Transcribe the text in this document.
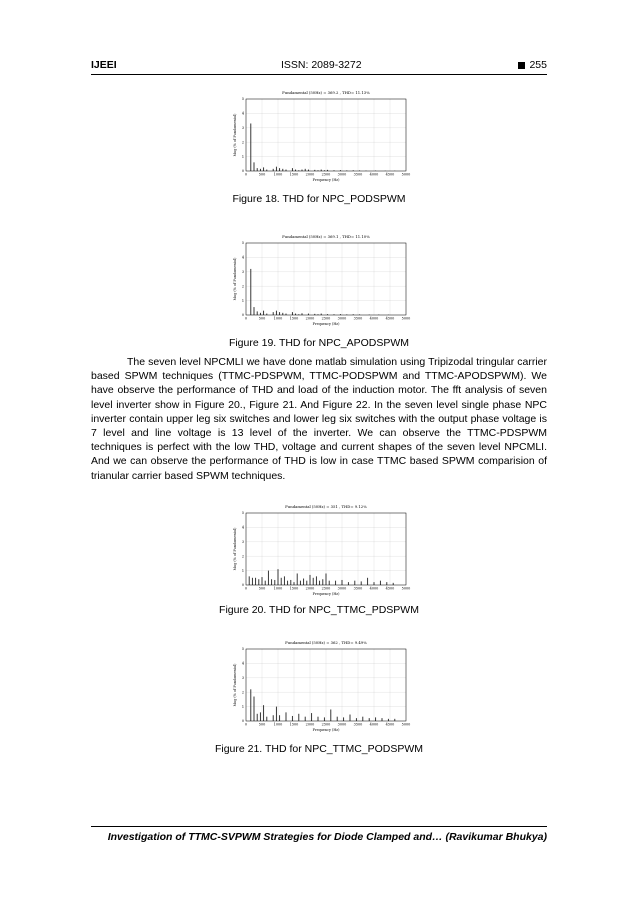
IJEEI	ISSN: 2089-3272	255
Fundamental (50Hz) = 369.2 , THD= 11.13%
0	500 1000 1500 2000 2500 3000 3500 4000 4500 5000
0
1
2
3
4
5
Frequency (Hz)
Mag (% of Fundamental)
Figure 18. THD for NPC_PODSPWM
Fundamental (50Hz) = 369.1 , THD= 11.10%
0	500 1000 1500 2000 2500 3000 3500 4000 4500 5000
0
1
2
3
4
5
Frequency (Hz)
Mag (% of Fundamental)
Figure 19. THD for NPC_APODSPWM
The seven level NPCMLI we have done matlab simulation using Tripizodal tringular carrier based SPWM techniques (TTMC-PDSPWM, TTMC-PODSPWM and TTMC-APODSPWM). We have observe the performance of THD and load of the induction motor. The fft analysis of seven level inverter show in Figure 20., Figure 21. And Figure 22. In the seven level single phase NPC inverter contain upper leg six switches and lower leg six switches with the output phase voltage is 7 level and line voltage is 13 level of the inverter. We can observe the TTMC-PDSPWM techniques is perfect with the low THD, voltage and current shapes of the seven level NPCMLI. And we can observe the performance of THD is low in case TTMC based SPWM comparision of trianular carrier based SPWM techniques.
Fundamental (50Hz) = 351 , THD= 9.12%
0	500 1000 1500 2000 2500 3000 3500 4000 4500 5000
0
1
2
3
4
5
Frequency (Hz)
Mag (% of Fundamental)
Figure 20. THD for NPC_TTMC_PDSPWM
Fundamental (50Hz) = 362 , THD= 9.49%
0	500 1000 1500 2000 2500 3000 3500 4000 4500 5000
0
1
2
3
4
5
Frequency (Hz)
Mag (% of Fundamental)
Figure 21. THD for NPC_TTMC_PODSPWM
Investigation of TTMC-SVPWM Strategies for Diode Clamped and… (Ravikumar Bhukya)
